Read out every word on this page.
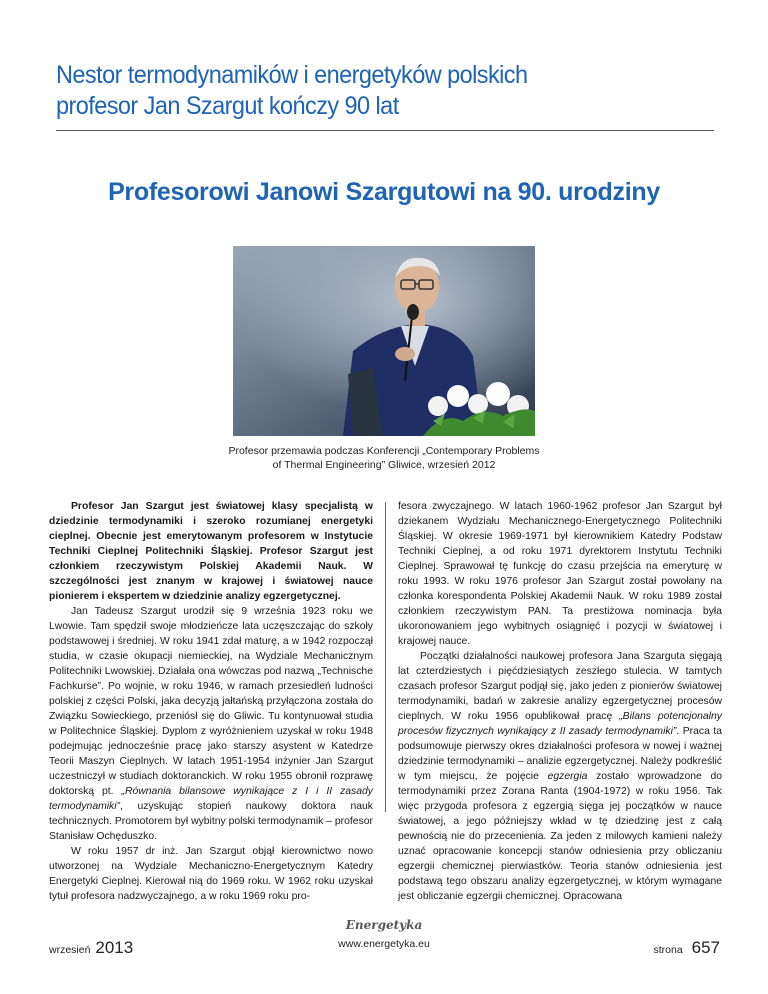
Nestor termodynamików i energetyków polskich
profesor Jan Szargut kończy 90 lat
Profesorowi Janowi Szargutowi na 90. urodziny
Profesor przemawia podczas Konferencji „Contemporary Problems
of Thermal Engineering” Gliwice, wrzesień 2012

Profesor Jan Szargut jest światowej klasy specjalistą w dziedzinie termodynamiki i szeroko rozumianej energetyki cieplnej. Obecnie jest emerytowanym profesorem w Instytucie Techniki Cieplnej Politechniki Śląskiej. Profesor Szargut jest członkiem rzeczywistym Polskiej Akademii Nauk. W szczególności jest znanym w krajowej i światowej nauce pionierem i ekspertem w dziedzinie analizy egzergetycznej.

Jan Tadeusz Szargut urodził się 9 września 1923 roku we Lwowie. Tam spędził swoje młodzieńcze lata uczęszczając do szkoły podstawowej i średniej. W roku 1941 zdał maturę, a w 1942 rozpoczął studia, w czasie okupacji niemieckiej, na Wydziale Mechanicznym Politechniki Lwowskiej. Działała ona wówczas pod nazwą „Technische Fachkurse”. Po wojnie, w roku 1946, w ramach przesiedleń ludności polskiej z części Polski, jaka decyzją jałtańską przyłączona została do Związku Sowieckiego, przeniósł się do Gliwic. Tu kontynuował studia w Politechnice Śląskiej. Dyplom z wyróżnieniem uzyskał w roku 1948 podejmując jednocześnie pracę jako starszy asystent w Katedrze Teorii Maszyn Cieplnych. W latach 1951-1954 inżynier Jan Szargut uczestniczył w studiach doktoranckich. W roku 1955 obronił rozprawę doktorską pt. „Równania bilansowe wynikające z I i II zasady termodynamiki”, uzyskując stopień naukowy doktora nauk technicznych. Promotorem był wybitny polski termodynamik – profesor Stanisław Ochęduszko.

W roku 1957 dr inż. Jan Szargut objął kierownictwo nowo utworzonej na Wydziale Mechaniczno-Energetycznym Katedry Energetyki Cieplnej. Kierował nią do 1969 roku. W 1962 roku uzyskał tytuł profesora nadzwyczajnego, a w roku 1969 roku pro-

fesora zwyczajnego. W latach 1960-1962 profesor Jan Szargut był dziekanem Wydziału Mechanicznego-Energetycznego Politechniki Śląskiej. W okresie 1969-1971 był kierownikiem Katedry Podstaw Techniki Cieplnej, a od roku 1971 dyrektorem Instytutu Techniki Cieplnej. Sprawował tę funkcję do czasu przejścia na emeryturę w roku 1993. W roku 1976 profesor Jan Szargut został powołany na członka korespondenta Polskiej Akademii Nauk. W roku 1989 został członkiem rzeczywistym PAN. Ta prestiżowa nominacja była ukoronowaniem jego wybitnych osiągnięć i pozycji w światowej i krajowej nauce.

Początki działalności naukowej profesora Jana Szarguta sięgają lat czterdziestych i pięćdziesiątych zeszłego stulecia. W tamtych czasach profesor Szargut podjął się, jako jeden z pionierów światowej termodynamiki, badań w zakresie analizy egzergetycznej procesów cieplnych. W roku 1956 opublikował pracę „Bilans potencjonalny procesów fizycznych wynikający z II zasady termodynamiki”. Praca ta podsumowuje pierwszy okres działalności profesora w nowej i ważnej dziedzinie termodynamiki – analizie egzergetycznej. Należy podkreślić w tym miejscu, że pojęcie egzergia zostało wprowadzone do termodynamiki przez Zorana Ranta (1904-1972) w roku 1956. Tak więc przygoda profesora z egzergią sięga jej początków w nauce światowej, a jego późniejszy wkład w tę dziedzinę jest z całą pewnością nie do przecenienia. Za jeden z milowych kamieni należy uznać opracowanie koncepcji stanów odniesienia przy obliczaniu egzergii chemicznej pierwiastków. Teoria stanów odniesienia jest podstawą tego obszaru analizy egzergetycznej, w którym wymagane jest obliczanie egzergii chemicznej. Opracowana

wrzesień 2013
Energetyka
www.energetyka.eu	strona 657
